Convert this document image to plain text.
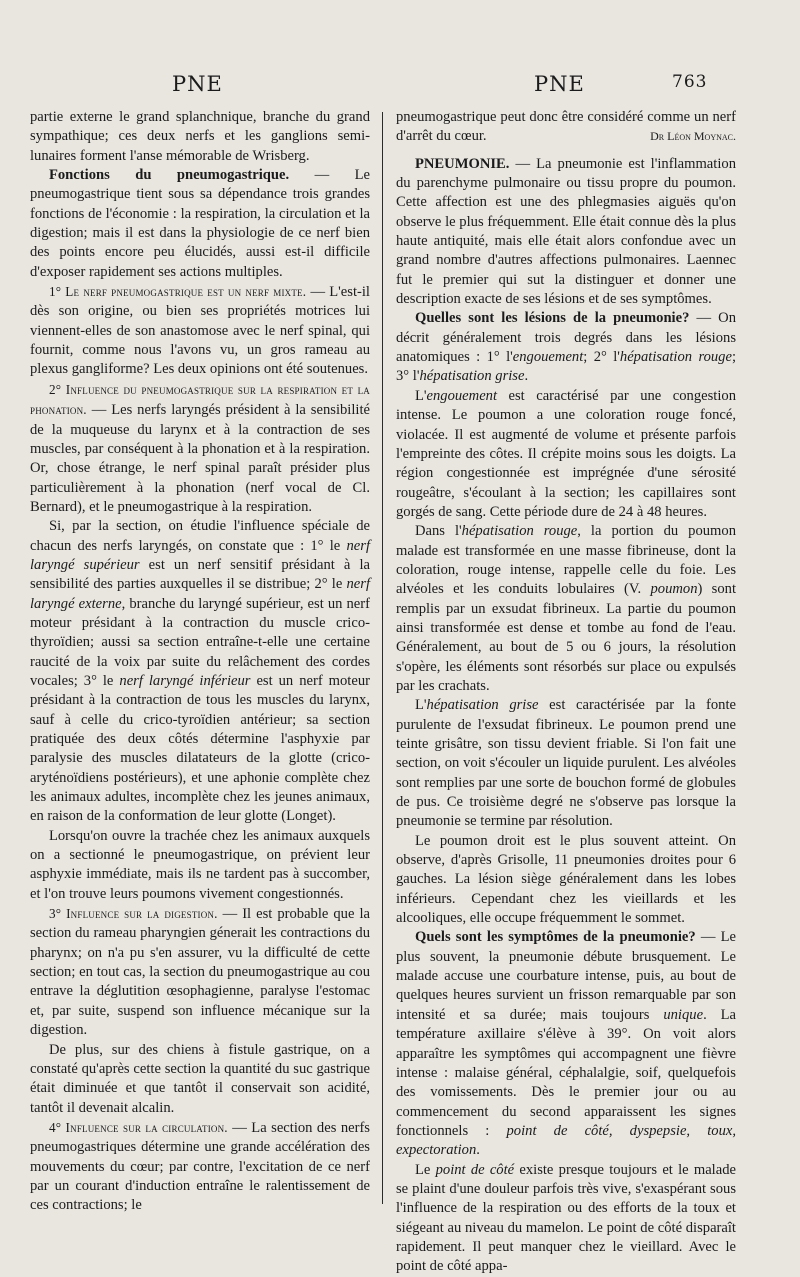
PNE	PNE	763

partie externe le grand splanchnique, branche du grand sympathique; ces deux nerfs et les ganglions semi-lunaires forment l'anse mémorable de Wrisberg.

Fonctions du pneumogastrique. — Le pneumogastrique tient sous sa dépendance trois grandes fonctions de l'économie : la respiration, la circulation et la digestion; mais il est dans la physiologie de ce nerf bien des points encore peu élucidés, aussi est-il difficile d'exposer rapidement ses actions multiples.

1° Le nerf pneumogastrique est un nerf mixte. — L'est-il dès son origine, ou bien ses propriétés motrices lui viennent-elles de son anastomose avec le nerf spinal, qui fournit, comme nous l'avons vu, un gros rameau au plexus gangliforme? Les deux opinions ont été soutenues.

2° Influence du pneumogastrique sur la respiration et la phonation. — Les nerfs laryngés président à la sensibilité de la muqueuse du larynx et à la contraction de ses muscles, par conséquent à la phonation et à la respiration. Or, chose étrange, le nerf spinal paraît présider plus particulièrement à la phonation (nerf vocal de Cl. Bernard), et le pneumogastrique à la respiration.

Si, par la section, on étudie l'influence spéciale de chacun des nerfs laryngés, on constate que : 1° le nerf laryngé supérieur est un nerf sensitif présidant à la sensibilité des parties auxquelles il se distribue; 2° le nerf laryngé externe, branche du laryngé supérieur, est un nerf moteur présidant à la contraction du muscle crico-thyroïdien; aussi sa section entraîne-t-elle une certaine raucité de la voix par suite du relâchement des cordes vocales; 3° le nerf laryngé inférieur est un nerf moteur présidant à la contraction de tous les muscles du larynx, sauf à celle du crico-tyroïdien antérieur; sa section pratiquée des deux côtés détermine l'asphyxie par paralysie des muscles dilatateurs de la glotte (crico-aryténoïdiens postérieurs), et une aphonie complète chez les animaux adultes, incomplète chez les jeunes animaux, en raison de la conformation de leur glotte (Longet).

Lorsqu'on ouvre la trachée chez les animaux auxquels on a sectionné le pneumogastrique, on prévient leur asphyxie immédiate, mais ils ne tardent pas à succomber, et l'on trouve leurs poumons vivement congestionnés.

3° Influence sur la digestion. — Il est probable que la section du rameau pharyngien génerait les contractions du pharynx; on n'a pu s'en assurer, vu la difficulté de cette section; en tout cas, la section du pneumogastrique au cou entrave la déglutition œsophagienne, paralyse l'estomac et, par suite, suspend son influence mécanique sur la digestion.

De plus, sur des chiens à fistule gastrique, on a constaté qu'après cette section la quantité du suc gastrique était diminuée et que tantôt il conservait son acidité, tantôt il devenait alcalin.

4° Influence sur la circulation. — La section des nerfs pneumogastriques détermine une grande accélération des mouvements du cœur; par contre, l'excitation de ce nerf par un courant d'induction entraîne le ralentissement de ces contractions; le

pneumogastrique peut donc être considéré comme un nerf d'arrêt du cœur.	Dr Léon Moynac.

PNEUMONIE. — La pneumonie est l'inflammation du parenchyme pulmonaire ou tissu propre du poumon. Cette affection est une des phlegmasies aiguës qu'on observe le plus fréquemment. Elle était connue dès la plus haute antiquité, mais elle était alors confondue avec un grand nombre d'autres affections pulmonaires. Laennec fut le premier qui sut la distinguer et donner une description exacte de ses lésions et de ses symptômes.

Quelles sont les lésions de la pneumonie? — On décrit généralement trois degrés dans les lésions anatomiques : 1° l'engouement; 2° l'hépatisation rouge; 3° l'hépatisation grise.

L'engouement est caractérisé par une congestion intense. Le poumon a une coloration rouge foncé, violacée. Il est augmenté de volume et présente parfois l'empreinte des côtes. Il crépite moins sous les doigts. La région congestionnée est imprégnée d'une sérosité rougeâtre, s'écoulant à la section; les capillaires sont gorgés de sang. Cette période dure de 24 à 48 heures.

Dans l'hépatisation rouge, la portion du poumon malade est transformée en une masse fibrineuse, dont la coloration, rouge intense, rappelle celle du foie. Les alvéoles et les conduits lobulaires (V. poumon) sont remplis par un exsudat fibrineux. La partie du poumon ainsi transformée est dense et tombe au fond de l'eau. Généralement, au bout de 5 ou 6 jours, la résolution s'opère, les éléments sont résorbés sur place ou expulsés par les crachats.

L'hépatisation grise est caractérisée par la fonte purulente de l'exsudat fibrineux. Le poumon prend une teinte grisâtre, son tissu devient friable. Si l'on fait une section, on voit s'écouler un liquide purulent. Les alvéoles sont remplies par une sorte de bouchon formé de globules de pus. Ce troisième degré ne s'observe pas lorsque la pneumonie se termine par résolution.

Le poumon droit est le plus souvent atteint. On observe, d'après Grisolle, 11 pneumonies droites pour 6 gauches. La lésion siège généralement dans les lobes inférieurs. Cependant chez les vieillards et les alcooliques, elle occupe fréquemment le sommet.

Quels sont les symptômes de la pneumonie? — Le plus souvent, la pneumonie débute brusquement. Le malade accuse une courbature intense, puis, au bout de quelques heures survient un frisson remarquable par son intensité et sa durée; mais toujours unique. La température axillaire s'élève à 39°. On voit alors apparaître les symptômes qui accompagnent une fièvre intense : malaise général, céphalalgie, soif, quelquefois des vomissements. Dès le premier jour ou au commencement du second apparaissent les signes fonctionnels : point de côté, dyspepsie, toux, expectoration.

Le point de côté existe presque toujours et le malade se plaint d'une douleur parfois très vive, s'exaspérant sous l'influence de la respiration ou des efforts de la toux et siégeant au niveau du mamelon. Le point de côté disparaît rapidement. Il peut manquer chez le vieillard. Avec le point de côté appa-
